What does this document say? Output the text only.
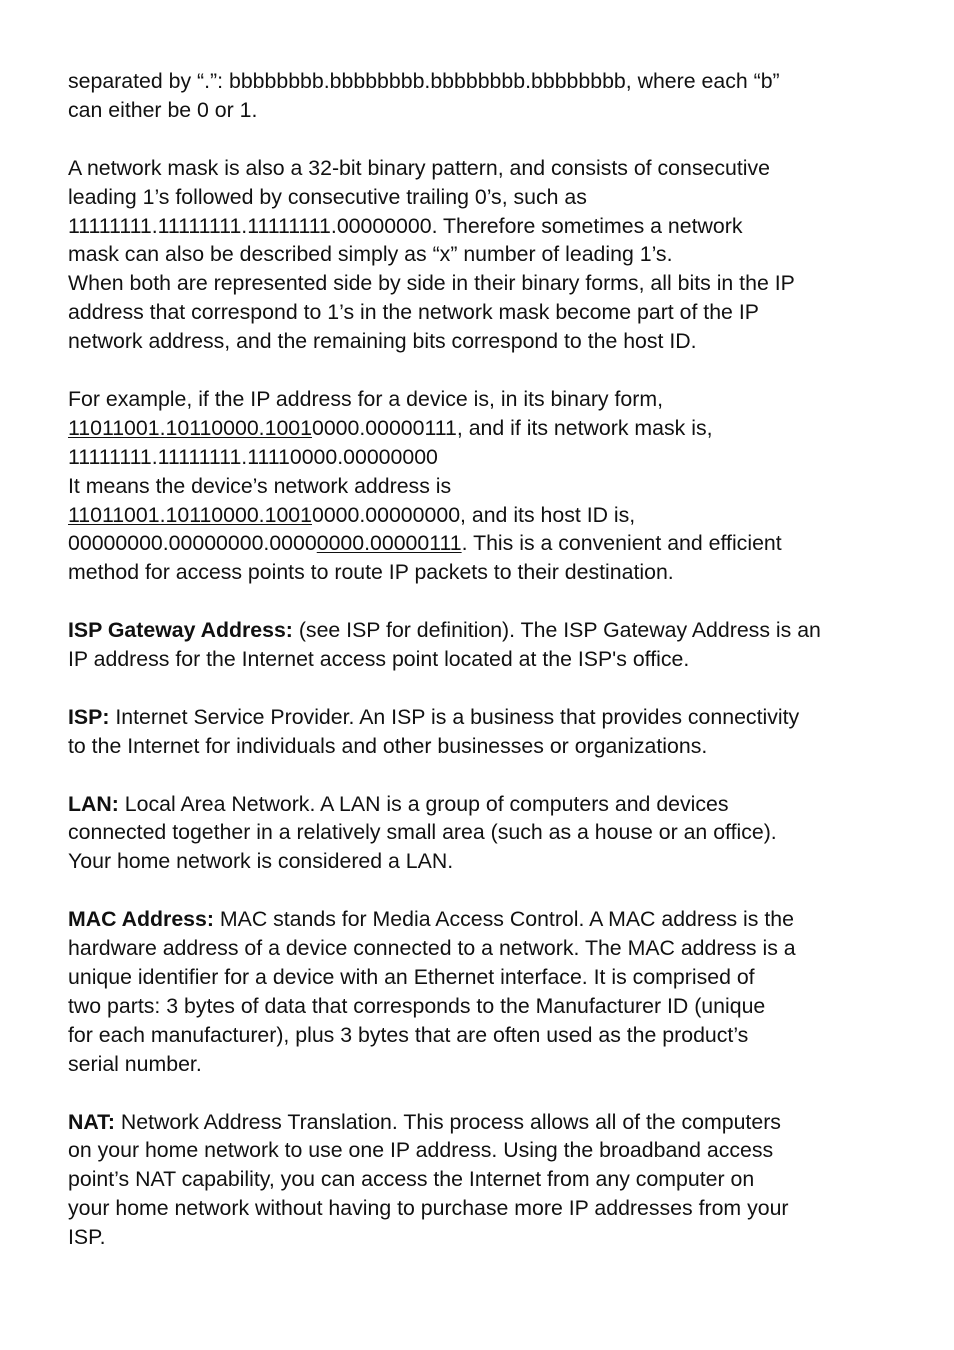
separated by “.”: bbbbbbbb.bbbbbbbb.bbbbbbbb.bbbbbbbb, where each “b”
can either be 0 or 1.

A network mask is also a 32-bit binary pattern, and consists of consecutive
leading 1’s followed by consecutive trailing 0’s, such as
11111111.11111111.11111111.00000000. Therefore sometimes a network
mask can also be described simply as “x” number of leading 1’s.
When both are represented side by side in their binary forms, all bits in the IP
address that correspond to 1’s in the network mask become part of the IP
network address, and the remaining bits correspond to the host ID.

For example, if the IP address for a device is, in its binary form,
11011001.10110000.10010000.00000111, and if its network mask is,
11111111.11111111.11110000.00000000
It means the device’s network address is
11011001.10110000.10010000.00000000, and its host ID is,
00000000.00000000.00000000.00000111. This is a convenient and efficient
method for access points to route IP packets to their destination.

ISP Gateway Address: (see ISP for definition). The ISP Gateway Address is an
IP address for the Internet access point located at the ISP's office.

ISP: Internet Service Provider. An ISP is a business that provides connectivity
to the Internet for individuals and other businesses or organizations.

LAN: Local Area Network. A LAN is a group of computers and devices
connected together in a relatively small area (such as a house or an office).
Your home network is considered a LAN.

MAC Address: MAC stands for Media Access Control. A MAC address is the
hardware address of a device connected to a network. The MAC address is a
unique identifier for a device with an Ethernet interface. It is comprised of
two parts: 3 bytes of data that corresponds to the Manufacturer ID (unique
for each manufacturer), plus 3 bytes that are often used as the product’s
serial number.

NAT: Network Address Translation. This process allows all of the computers
on your home network to use one IP address. Using the broadband access
point’s NAT capability, you can access the Internet from any computer on
your home network without having to purchase more IP addresses from your
ISP.
